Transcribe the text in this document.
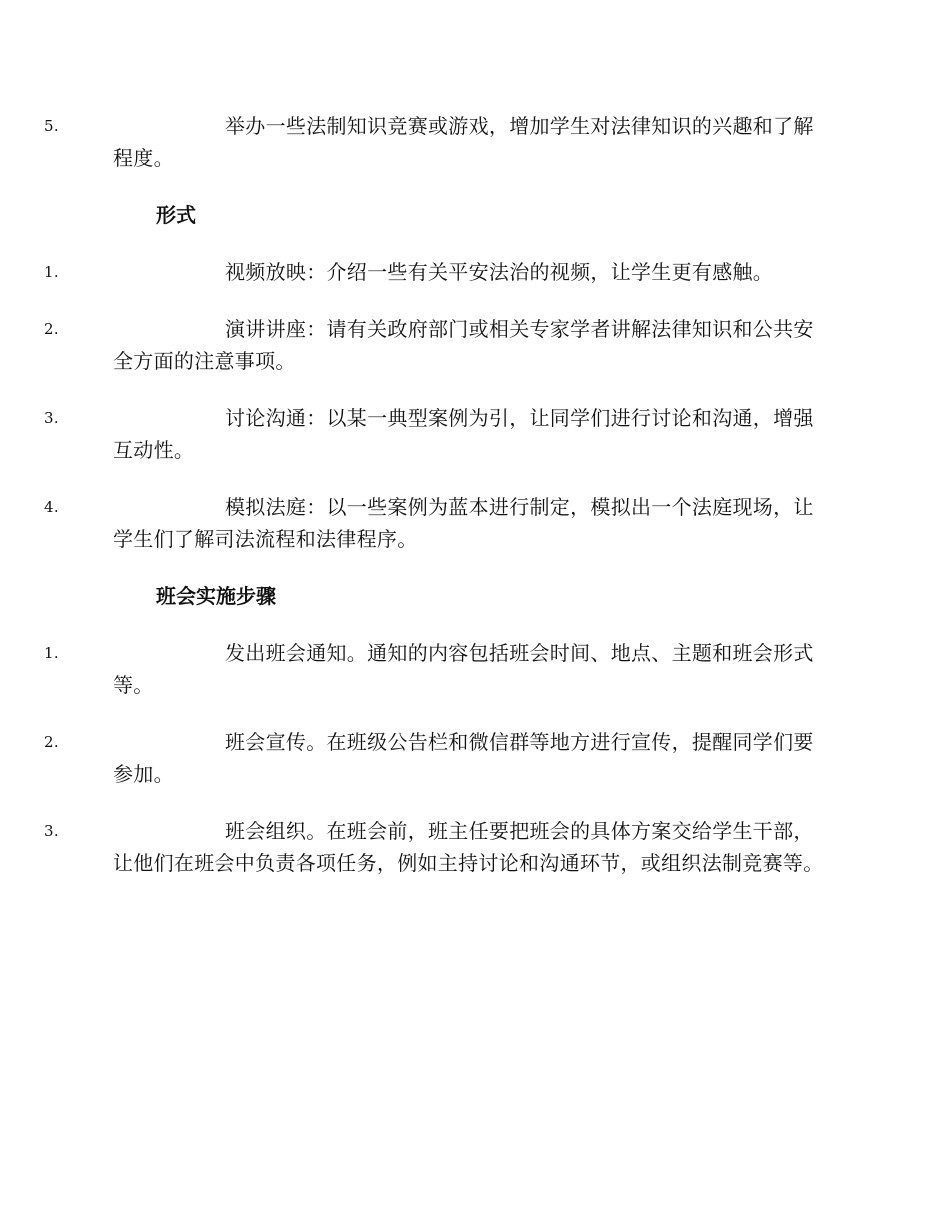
5.	举办一些法制知识竞赛或游戏，增加学生对法律知识的兴趣和了解程度。

形式

1.	视频放映：介绍一些有关平安法治的视频，让学生更有感触。

2.	演讲讲座：请有关政府部门或相关专家学者讲解法律知识和公共安全方面的注意事项。

3.	讨论沟通：以某一典型案例为引，让同学们进行讨论和沟通，增强互动性。

4.	模拟法庭：以一些案例为蓝本进行制定，模拟出一个法庭现场，让学生们了解司法流程和法律程序。

班会实施步骤

1.	发出班会通知。通知的内容包括班会时间、地点、主题和班会形式等。

2.	班会宣传。在班级公告栏和微信群等地方进行宣传，提醒同学们要参加。

3.	班会组织。在班会前，班主任要把班会的具体方案交给学生干部，让他们在班会中负责各项任务，例如主持讨论和沟通环节，或组织法制竞赛等。
